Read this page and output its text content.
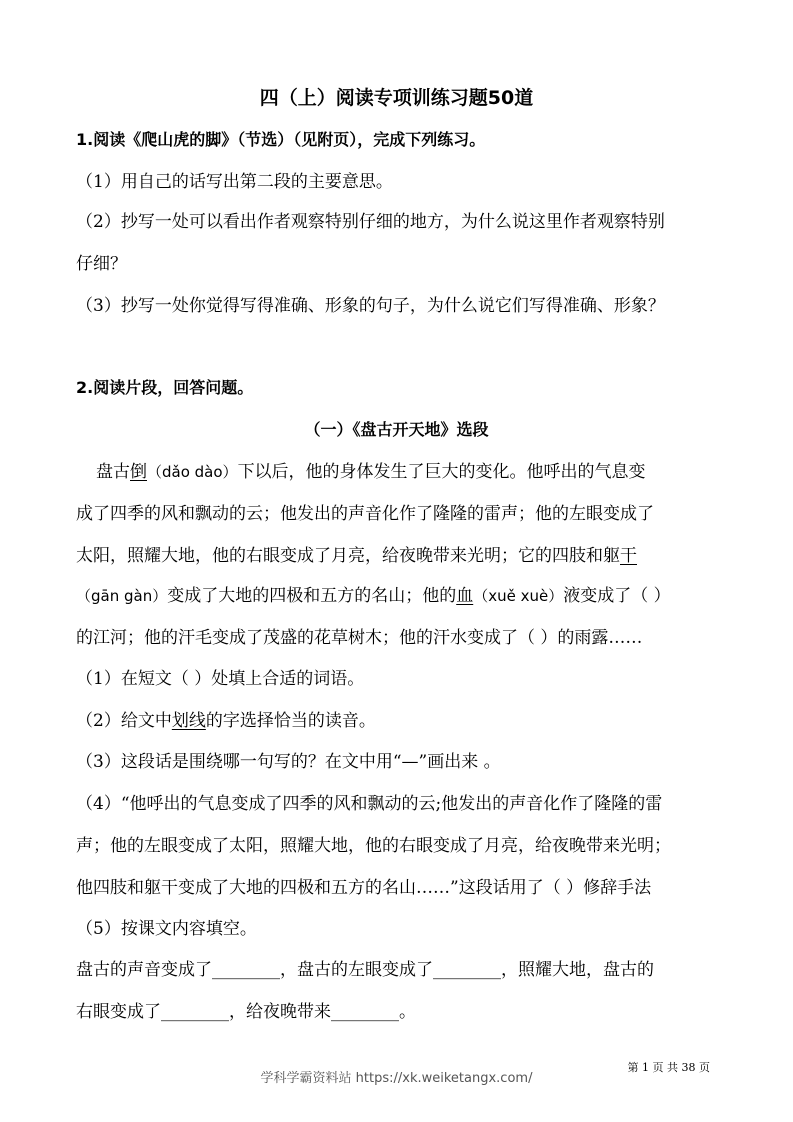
四（上）阅读专项训练习题50道
1.阅读《爬山虎的脚》（节选）（见附页），完成下列练习。
（1）用自己的话写出第二段的主要意思。
（2）抄写一处可以看出作者观察特别仔细的地方，为什么说这里作者观察特别
仔细？
（3）抄写一处你觉得写得准确、形象的句子，为什么说它们写得准确、形象？
2.阅读片段，回答问题。
（一）《盘古开天地》选段
盘古倒（dǎo dào）下以后，他的身体发生了巨大的变化。他呼出的气息变
成了四季的风和飘动的云；他发出的声音化作了隆隆的雷声；他的左眼变成了
太阳，照耀大地，他的右眼变成了月亮，给夜晚带来光明；它的四肢和躯干
（gān gàn）变成了大地的四极和五方的名山；他的血（xuě xuè）液变成了（ ）
的江河；他的汗毛变成了茂盛的花草树木；他的汗水变成了（ ）的雨露……
（1）在短文（ ）处填上合适的词语。
（2）给文中划线的字选择恰当的读音。
（3）这段话是围绕哪一句写的？在文中用“—”画出来 。
（4）“他呼出的气息变成了四季的风和飘动的云;他发出的声音化作了隆隆的雷
声；他的左眼变成了太阳，照耀大地，他的右眼变成了月亮，给夜晚带来光明；
他四肢和躯干变成了大地的四极和五方的名山……”这段话用了（ ）修辞手法
（5）按课文内容填空。
盘古的声音变成了________，盘古的左眼变成了________，照耀大地，盘古的
右眼变成了________，给夜晚带来________。
第 1 页 共 38 页
学科学霸资料站 https://xk.weiketangx.com/
